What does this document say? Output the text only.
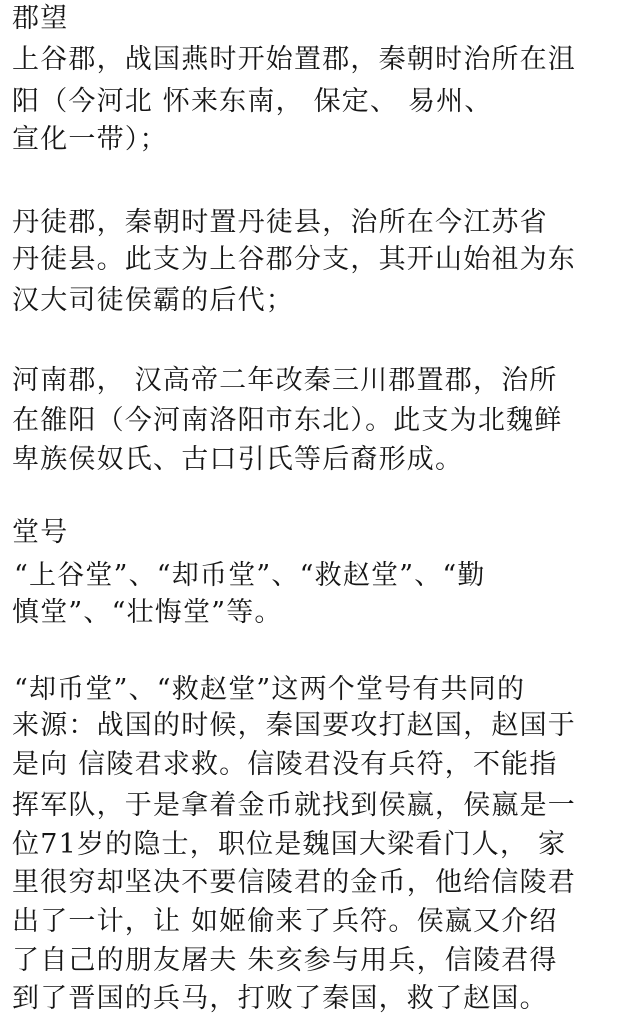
郡望
上谷郡，战国燕时开始置郡，秦朝时治所在沮
阳（今河北 怀来东南， 保定、 易州、
宣化一带）；
丹徒郡，秦朝时置丹徒县，治所在今江苏省
丹徒县。此支为上谷郡分支，其开山始祖为东
汉大司徒侯霸的后代；
河南郡， 汉高帝二年改秦三川郡置郡，治所
在雒阳（今河南洛阳市东北）。此支为北魏鲜
卑族侯奴氏、古口引氏等后裔形成。
堂号
“上谷堂”、“却币堂”、“救赵堂”、“勤
慎堂”、“壮悔堂”等。
“却币堂”、“救赵堂”这两个堂号有共同的
来源：战国的时候，秦国要攻打赵国，赵国于
是向 信陵君求救。信陵君没有兵符，不能指
挥军队，于是拿着金币就找到侯嬴，侯嬴是一
位71岁的隐士，职位是魏国大梁看门人， 家
里很穷却坚决不要信陵君的金币，他给信陵君
出了一计，让 如姬偷来了兵符。侯嬴又介绍
了自己的朋友屠夫 朱亥参与用兵，信陵君得
到了晋国的兵马，打败了秦国，救了赵国。
